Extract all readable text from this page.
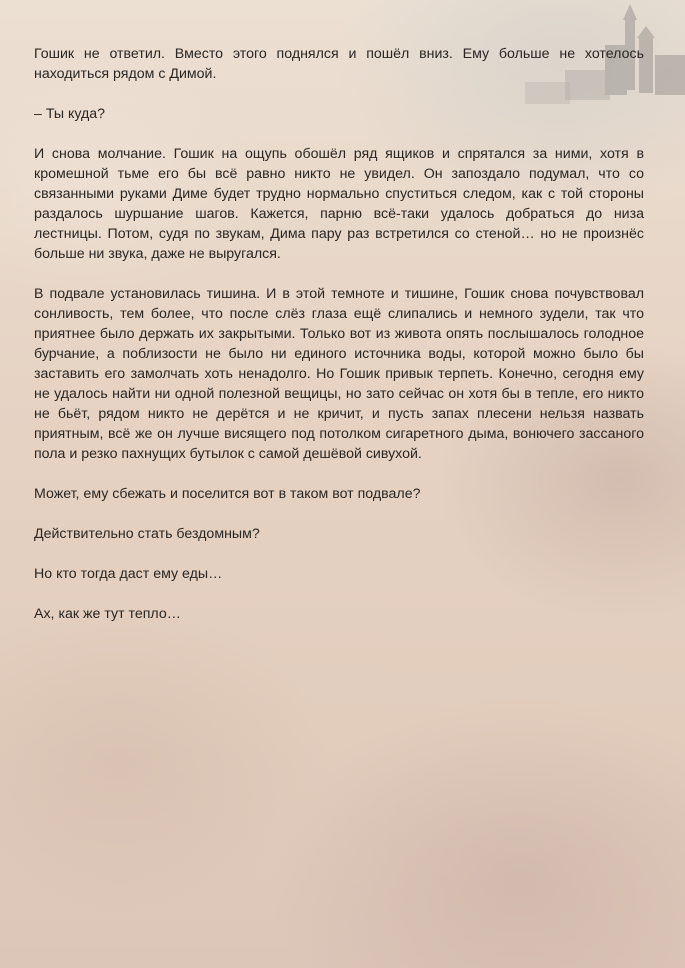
Гошик не ответил. Вместо этого поднялся и пошёл вниз. Ему больше не хотелось находиться рядом с Димой.

– Ты куда?

И снова молчание. Гошик на ощупь обошёл ряд ящиков и спрятался за ними, хотя в кромешной тьме его бы всё равно никто не увидел. Он запоздало подумал, что со связанными руками Диме будет трудно нормально спуститься следом, как с той стороны раздалось шуршание шагов. Кажется, парню всё-таки удалось добраться до низа лестницы. Потом, судя по звукам, Дима пару раз встретился со стеной… но не произнёс больше ни звука, даже не выругался.

В подвале установилась тишина. И в этой темноте и тишине, Гошик снова почувствовал сонливость, тем более, что после слёз глаза ещё слипались и немного зудели, так что приятнее было держать их закрытыми. Только вот из живота опять послышалось голодное бурчание, а поблизости не было ни единого источника воды, которой можно было бы заставить его замолчать хоть ненадолго. Но Гошик привык терпеть. Конечно, сегодня ему не удалось найти ни одной полезной вещицы, но зато сейчас он хотя бы в тепле, его никто не бьёт, рядом никто не дерётся и не кричит, и пусть запах плесени нельзя назвать приятным, всё же он лучше висящего под потолком сигаретного дыма, вонючего зассаного пола и резко пахнущих бутылок с самой дешёвой сивухой.

Может, ему сбежать и поселится вот в таком вот подвале?

Действительно стать бездомным?

Но кто тогда даст ему еды…

Ах, как же тут тепло…
